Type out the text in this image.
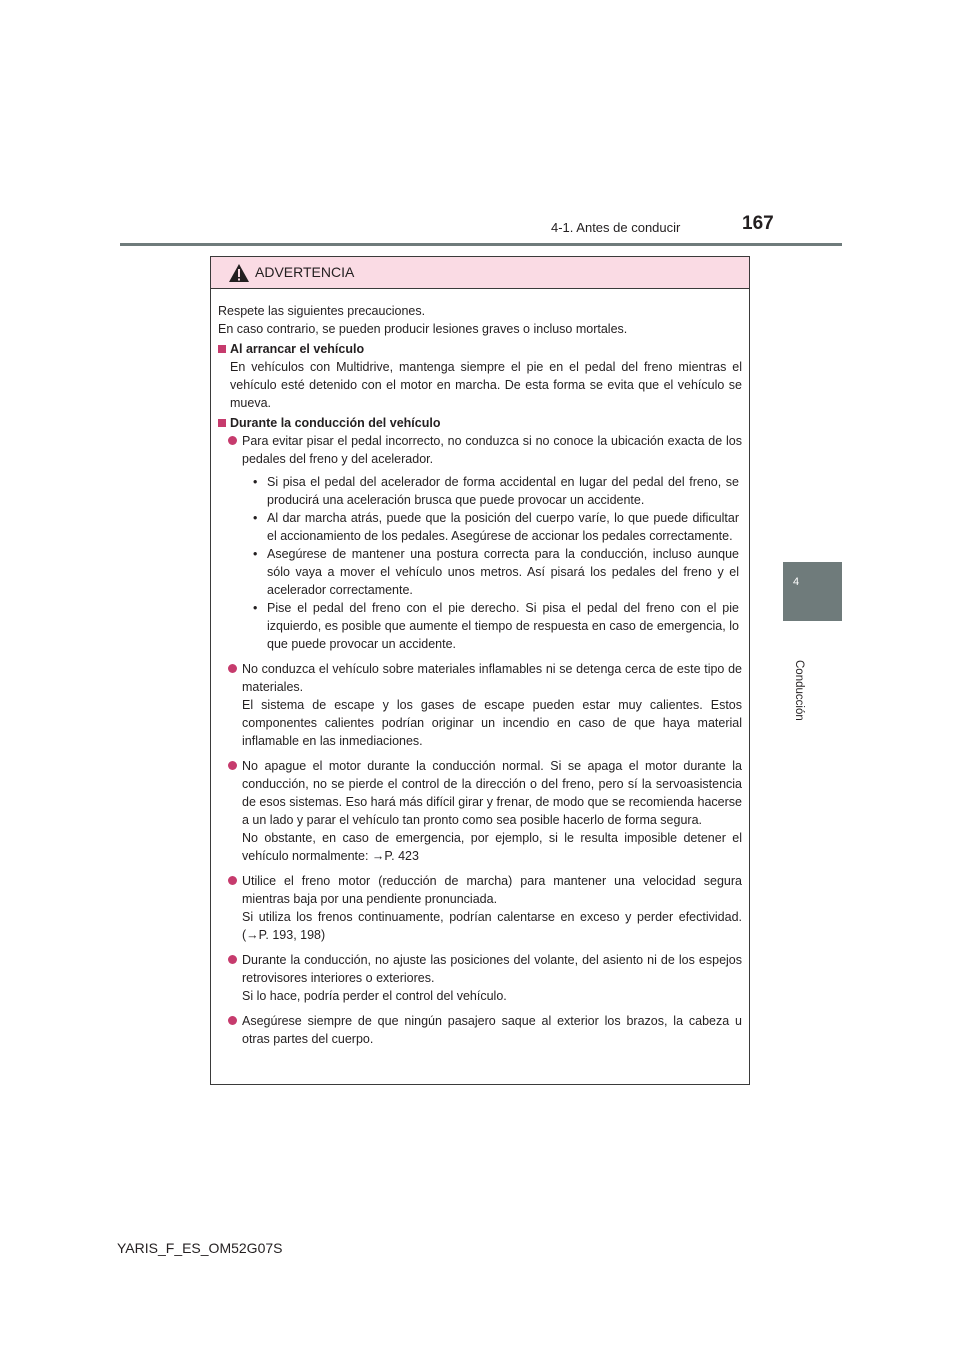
4-1. Antes de conducir	167
4
Conducción
ADVERTENCIA

Respete las siguientes precauciones.

En caso contrario, se pueden producir lesiones graves o incluso mortales.

Al arrancar el vehículo

En vehículos con Multidrive, mantenga siempre el pie en el pedal del freno mientras el vehículo esté detenido con el motor en marcha. De esta forma se evita que el vehículo se mueva.

Durante la conducción del vehículo

Para evitar pisar el pedal incorrecto, no conduzca si no conoce la ubicación exacta de los pedales del freno y del acelerador.

• Si pisa el pedal del acelerador de forma accidental en lugar del pedal del freno, se producirá una aceleración brusca que puede provocar un accidente.
• Al dar marcha atrás, puede que la posición del cuerpo varíe, lo que puede dificultar el accionamiento de los pedales. Asegúrese de accionar los pedales correctamente.
• Asegúrese de mantener una postura correcta para la conducción, incluso aunque sólo vaya a mover el vehículo unos metros. Así pisará los pedales del freno y el acelerador correctamente.
• Pise el pedal del freno con el pie derecho. Si pisa el pedal del freno con el pie izquierdo, es posible que aumente el tiempo de respuesta en caso de emergencia, lo que puede provocar un accidente.

No conduzca el vehículo sobre materiales inflamables ni se detenga cerca de este tipo de materiales.

El sistema de escape y los gases de escape pueden estar muy calientes. Estos componentes calientes podrían originar un incendio en caso de que haya material inflamable en las inmediaciones.

No apague el motor durante la conducción normal. Si se apaga el motor durante la conducción, no se pierde el control de la dirección o del freno, pero sí la servoasistencia de esos sistemas. Eso hará más difícil girar y frenar, de modo que se recomienda hacerse a un lado y parar el vehículo tan pronto como sea posible hacerlo de forma segura.

No obstante, en caso de emergencia, por ejemplo, si le resulta imposible detener el vehículo normalmente: →P. 423

Utilice el freno motor (reducción de marcha) para mantener una velocidad segura mientras baja por una pendiente pronunciada.

Si utiliza los frenos continuamente, podrían calentarse en exceso y perder efectividad. (→P. 193, 198)

Durante la conducción, no ajuste las posiciones del volante, del asiento ni de los espejos retrovisores interiores o exteriores.

Si lo hace, podría perder el control del vehículo.

Asegúrese siempre de que ningún pasajero saque al exterior los brazos, la cabeza u otras partes del cuerpo.

YARIS_F_ES_OM52G07S
